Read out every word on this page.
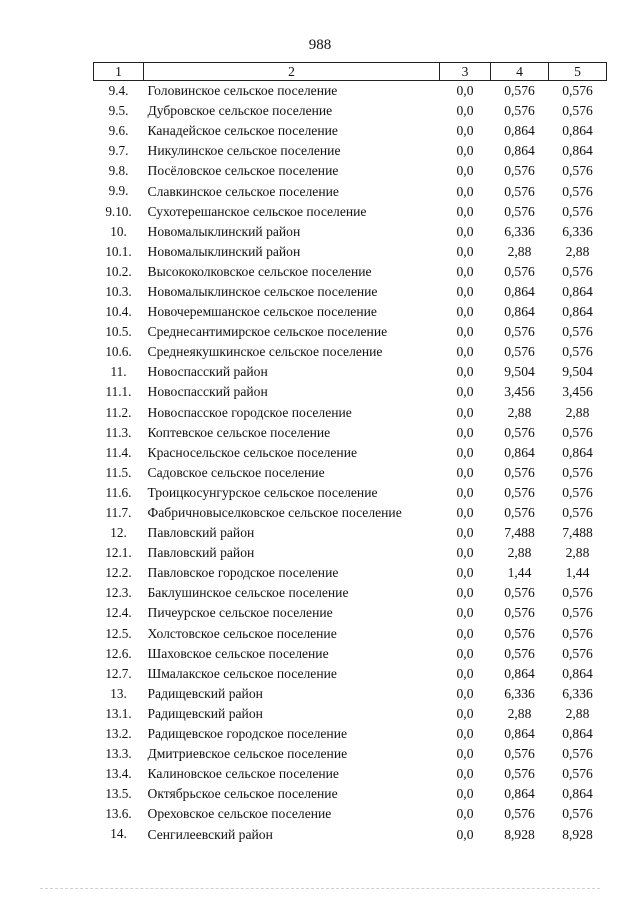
988
1	2	3	4	5
9.4.	Головинское сельское поселение	0,0	0,576	0,576
9.5.	Дубровское сельское поселение	0,0	0,576	0,576
9.6.	Канадейское сельское поселение	0,0	0,864	0,864
9.7.	Никулинское сельское поселение	0,0	0,864	0,864
9.8.	Посёловское сельское поселение	0,0	0,576	0,576
9.9.	Славкинское сельское поселение	0,0	0,576	0,576
9.10.	Сухотерешанское сельское поселение	0,0	0,576	0,576
10.	Новомалыклинский район	0,0	6,336	6,336
10.1.	Новомалыклинский район	0,0	2,88	2,88
10.2.	Высококолковское сельское поселение	0,0	0,576	0,576
10.3.	Новомалыклинское сельское поселение	0,0	0,864	0,864
10.4.	Новочеремшанское сельское поселение	0,0	0,864	0,864
10.5.	Среднесантимирское сельское поселение	0,0	0,576	0,576
10.6.	Среднеякушкинское сельское поселение	0,0	0,576	0,576
11.	Новоспасский район	0,0	9,504	9,504
11.1.	Новоспасский район	0,0	3,456	3,456
11.2.	Новоспасское городское поселение	0,0	2,88	2,88
11.3.	Коптевское сельское поселение	0,0	0,576	0,576
11.4.	Красносельское сельское поселение	0,0	0,864	0,864
11.5.	Садовское сельское поселение	0,0	0,576	0,576
11.6.	Троицкосунгурское сельское поселение	0,0	0,576	0,576
11.7.	Фабричновыселковское сельское поселение	0,0	0,576	0,576
12.	Павловский район	0,0	7,488	7,488
12.1.	Павловский район	0,0	2,88	2,88
12.2.	Павловское городское поселение	0,0	1,44	1,44
12.3.	Баклушинское сельское поселение	0,0	0,576	0,576
12.4.	Пичеурское сельское поселение	0,0	0,576	0,576
12.5.	Холстовское сельское поселение	0,0	0,576	0,576
12.6.	Шаховское сельское поселение	0,0	0,576	0,576
12.7.	Шмалакское сельское поселение	0,0	0,864	0,864
13.	Радищевский район	0,0	6,336	6,336
13.1.	Радищевский район	0,0	2,88	2,88
13.2.	Радищевское городское поселение	0,0	0,864	0,864
13.3.	Дмитриевское сельское поселение	0,0	0,576	0,576
13.4.	Калиновское сельское поселение	0,0	0,576	0,576
13.5.	Октябрьское сельское поселение	0,0	0,864	0,864
13.6.	Ореховское сельское поселение	0,0	0,576	0,576
14.	Сенгилеевский район	0,0	8,928	8,928
